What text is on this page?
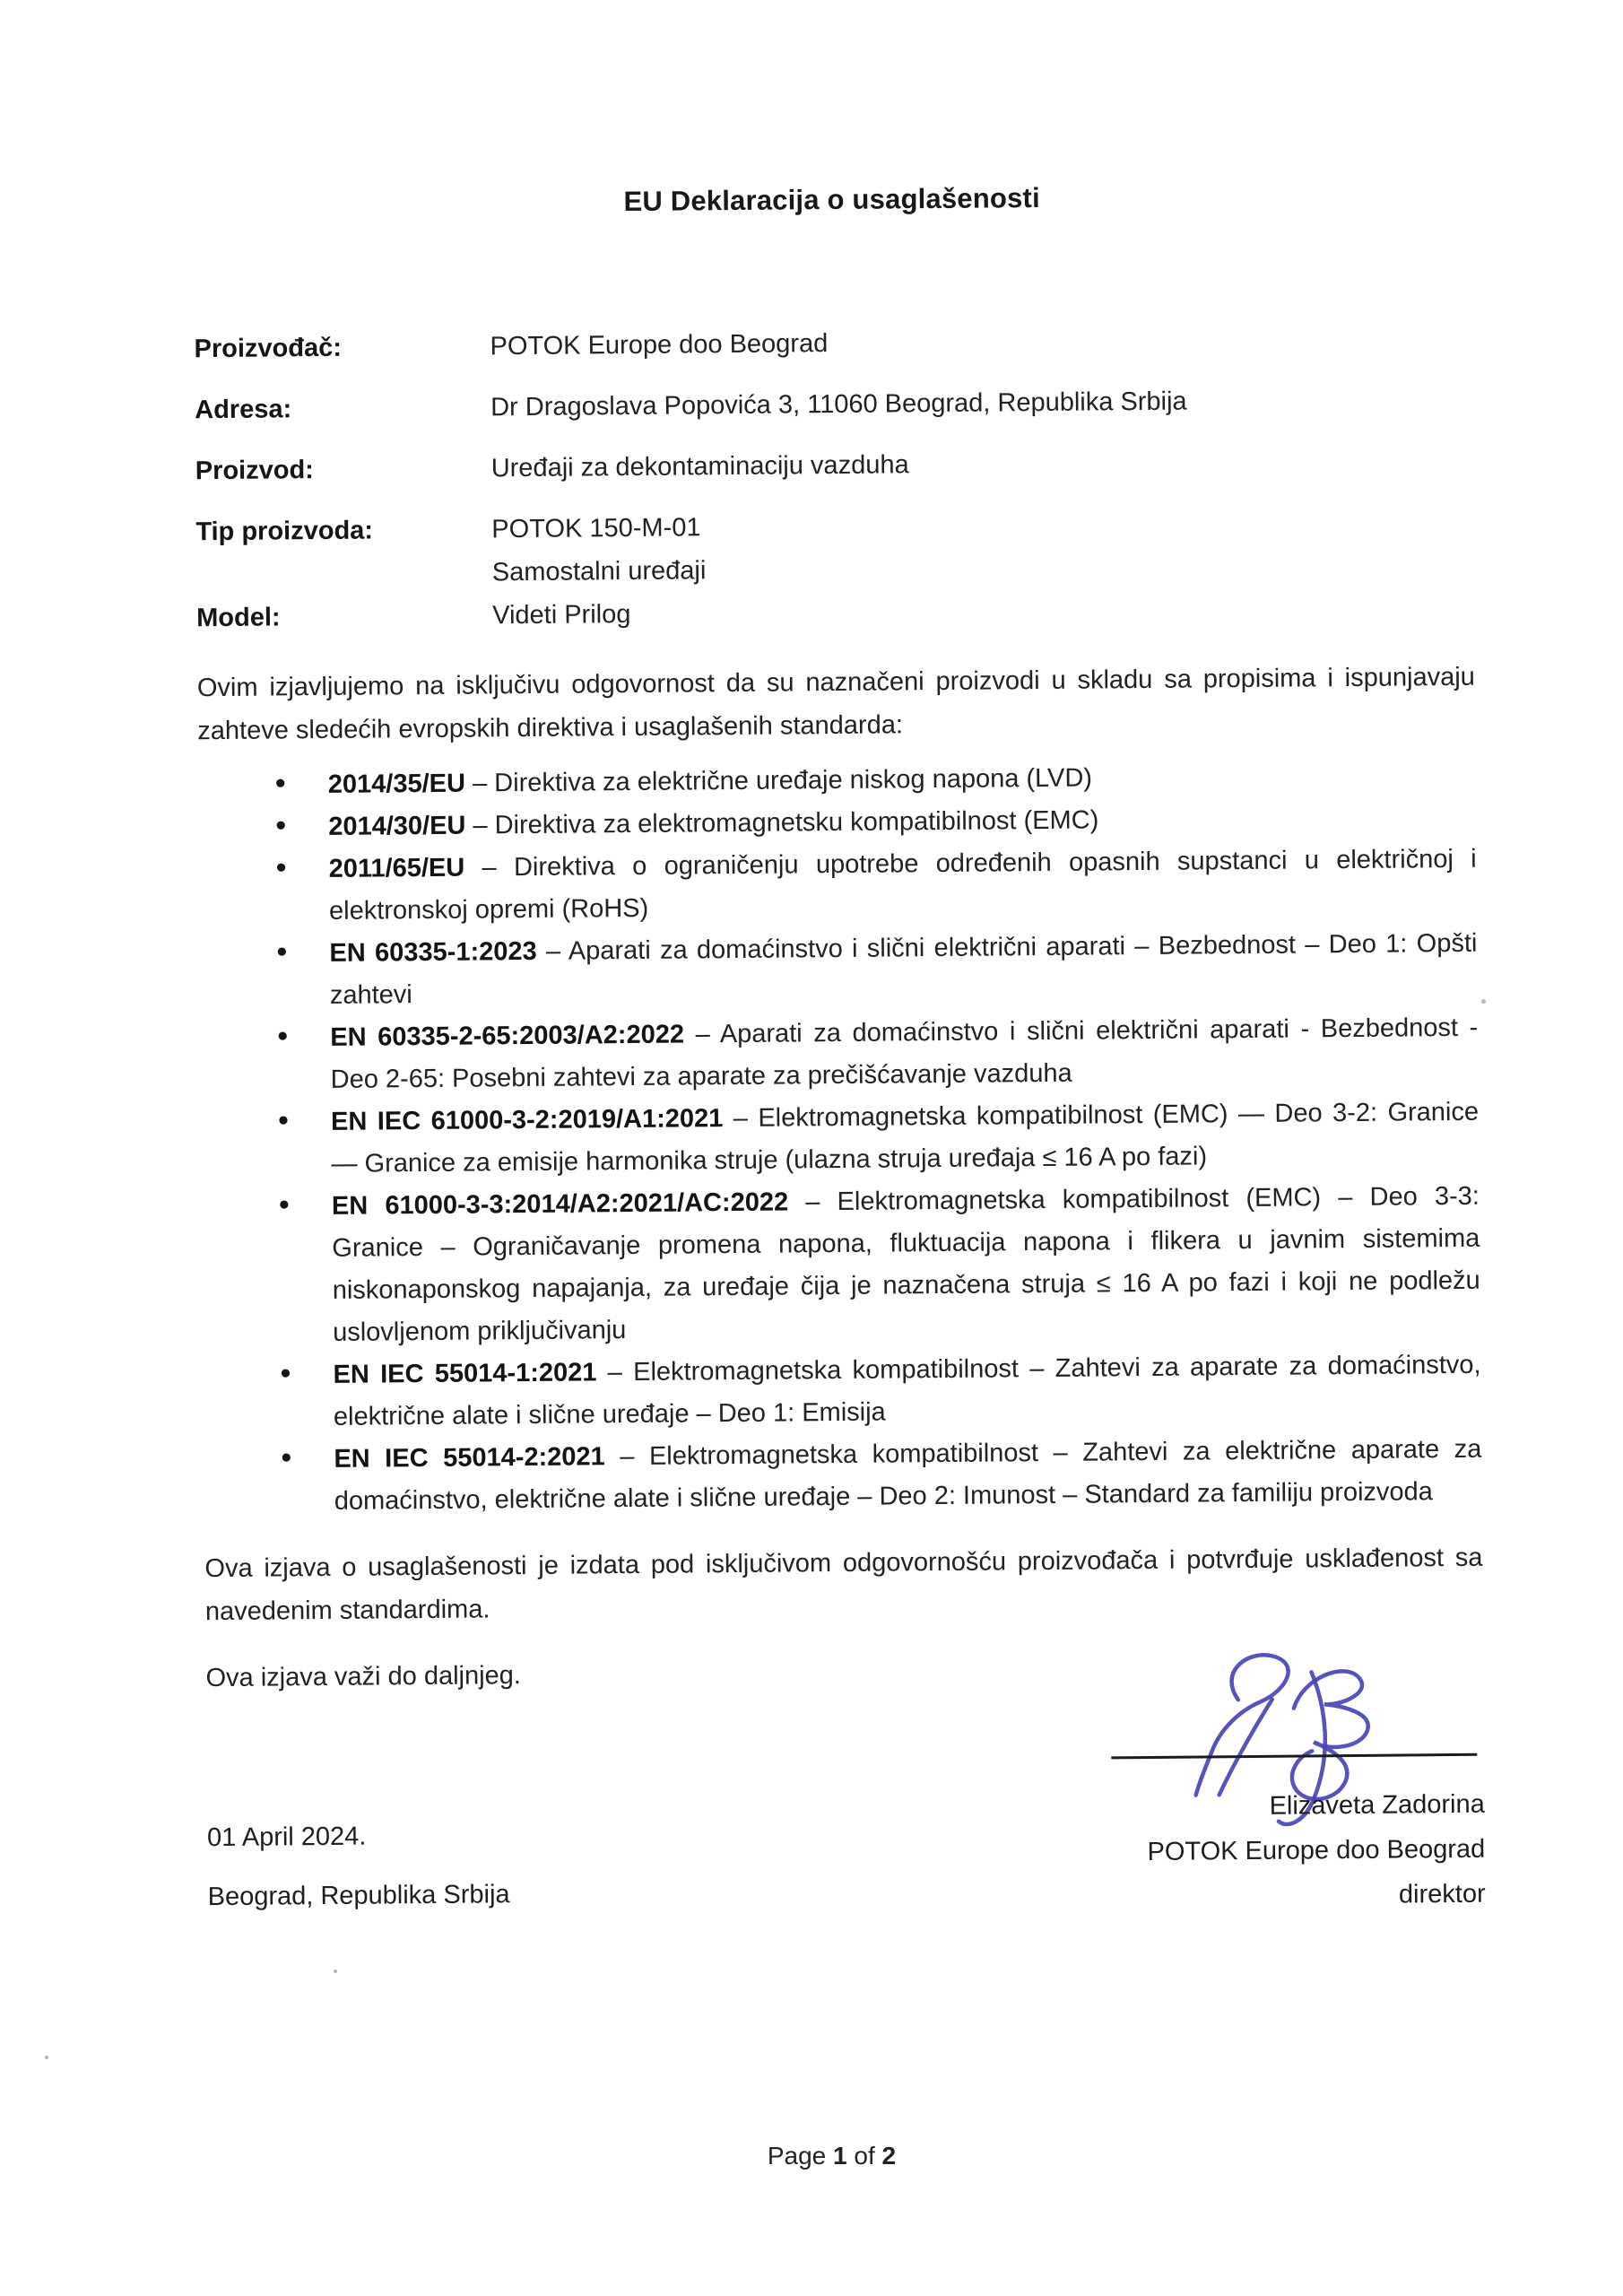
EU Deklaracija o usaglašenosti
Proizvođač:	POTOK Europe doo Beograd
Adresa:	Dr Dragoslava Popovića 3, 11060 Beograd, Republika Srbija
Proizvod:	Uređaji za dekontaminaciju vazduha
Tip proizvoda:	POTOK 150-M-01
Samostalni uređaji
Model:	Videti Prilog

Ovim izjavljujemo na isključivu odgovornost da su naznačeni proizvodi u skladu sa propisima i ispunjavaju zahteve sledećih evropskih direktiva i usaglašenih standarda:

• 2014/35/EU – Direktiva za električne uređaje niskog napona (LVD)
• 2014/30/EU – Direktiva za elektromagnetsku kompatibilnost (EMC)
• 2011/65/EU – Direktiva o ograničenju upotrebe određenih opasnih supstanci u električnoj i elektronskoj opremi (RoHS)
• EN 60335-1:2023 – Aparati za domaćinstvo i slični električni aparati – Bezbednost – Deo 1: Opšti zahtevi
• EN 60335-2-65:2003/A2:2022 – Aparati za domaćinstvo i slični električni aparati - Bezbednost - Deo 2-65: Posebni zahtevi za aparate za prečišćavanje vazduha
• EN IEC 61000-3-2:2019/A1:2021 – Elektromagnetska kompatibilnost (EMC) — Deo 3-2: Granice — Granice za emisije harmonika struje (ulazna struja uređaja ≤ 16 A po fazi)
• EN 61000-3-3:2014/A2:2021/AC:2022 – Elektromagnetska kompatibilnost (EMC) – Deo 3-3: Granice – Ograničavanje promena napona, fluktuacija napona i flikera u javnim sistemima niskonaponskog napajanja, za uređaje čija je naznačena struja ≤ 16 A po fazi i koji ne podležu uslovljenom priključivanju
• EN IEC 55014-1:2021 – Elektromagnetska kompatibilnost – Zahtevi za aparate za domaćinstvo, električne alate i slične uređaje – Deo 1: Emisija
• EN IEC 55014-2:2021 – Elektromagnetska kompatibilnost – Zahtevi za električne aparate za domaćinstvo, električne alate i slične uređaje – Deo 2: Imunost – Standard za familiju proizvoda

Ova izjava o usaglašenosti je izdata pod isključivom odgovornošću proizvođača i potvrđuje usklađenost sa navedenim standardima.

Ova izjava važi do daljnjeg.

01 April 2024.

Beograd, Republika Srbija

Elizaveta Zadorina

POTOK Europe doo Beograd

direktor

Page 1 of 2
